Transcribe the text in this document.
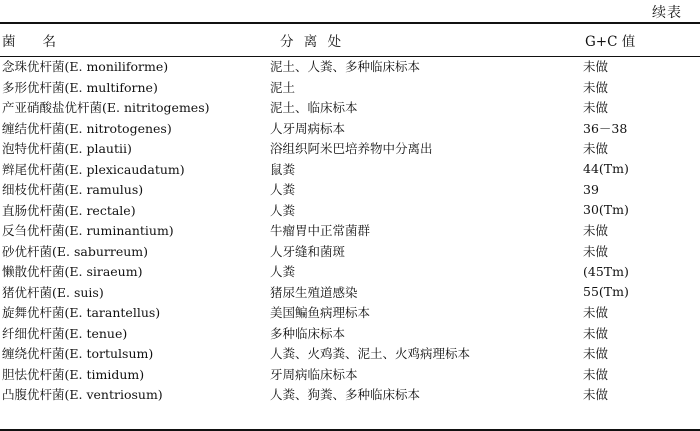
续表
菌　　名	分 离 处	G+C 值
念珠优杆菌(E. moniliforme)	泥土、人粪、多种临床标本	未做
多形优杆菌(E. multiforne)	泥土	未做
产亚硝酸盐优杆菌(E. nitritogemes)	泥土、临床标本	未做
缠结优杆菌(E. nitrotogenes)	人牙周病标本	36－38
泡特优杆菌(E. plautii)	浴组织阿米巴培养物中分离出	未做
辫尾优杆菌(E. plexicaudatum)	鼠粪	44(Tm)
细枝优杆菌(E. ramulus)	人粪	39
直肠优杆菌(E. rectale)	人粪	30(Tm)
反刍优杆菌(E. ruminantium)	牛瘤胃中正常菌群	未做
砂优杆菌(E. saburreum)	人牙缝和菌斑	未做
懒散优杆菌(E. siraeum)	人粪	(45Tm)
猪优杆菌(E. suis)	猪尿生殖道感染	55(Tm)
旋舞优杆菌(E. tarantellus)	美国鳊鱼病理标本	未做
纤细优杆菌(E. tenue)	多种临床标本	未做
缠绕优杆菌(E. tortulsum)	人粪、火鸡粪、泥土、火鸡病理标本	未做
胆怯优杆菌(E. timidum)	牙周病临床标本	未做
凸腹优杆菌(E. ventriosum)	人粪、狗粪、多种临床标本	未做
